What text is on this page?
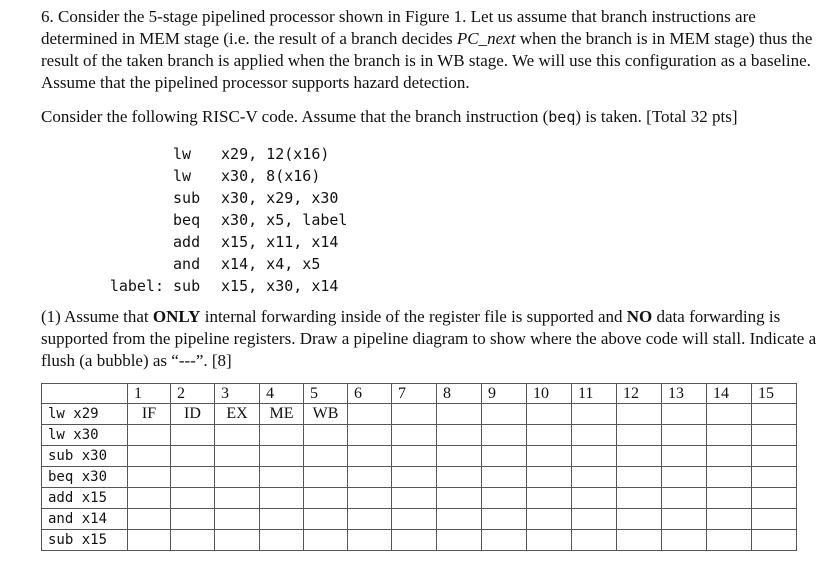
6. Consider the 5-stage pipelined processor shown in Figure 1. Let us assume that branch instructions are determined in MEM stage (i.e. the result of a branch decides PC_next when the branch is in MEM stage) thus the result of the taken branch is applied when the branch is in WB stage. We will use this configuration as a baseline. Assume that the pipelined processor supports hazard detection.
Consider the following RISC-V code. Assume that the branch instruction (beq) is taken. [Total 32 pts]

lw	x29, 12(x16)

lw	x30, 8(x16)

sub	x30, x29, x30

beq	x30, x5, label

add	x15, x11, x14

and	x14, x4, x5
label:
sub	x15, x30, x14
(1) Assume that ONLY internal forwarding inside of the register file is supported and NO data forwarding is supported from the pipeline registers. Draw a pipeline diagram to show where the above code will stall. Indicate a flush (a bubble) as “---”. [8]
	1	2	3	4	5	6	7	8	9	10	11	12	13	14	15
lw x29	IF	ID	EX	ME	WB										
lw x30															
sub x30															
beq x30															
add x15															
and x14															
sub x15															
